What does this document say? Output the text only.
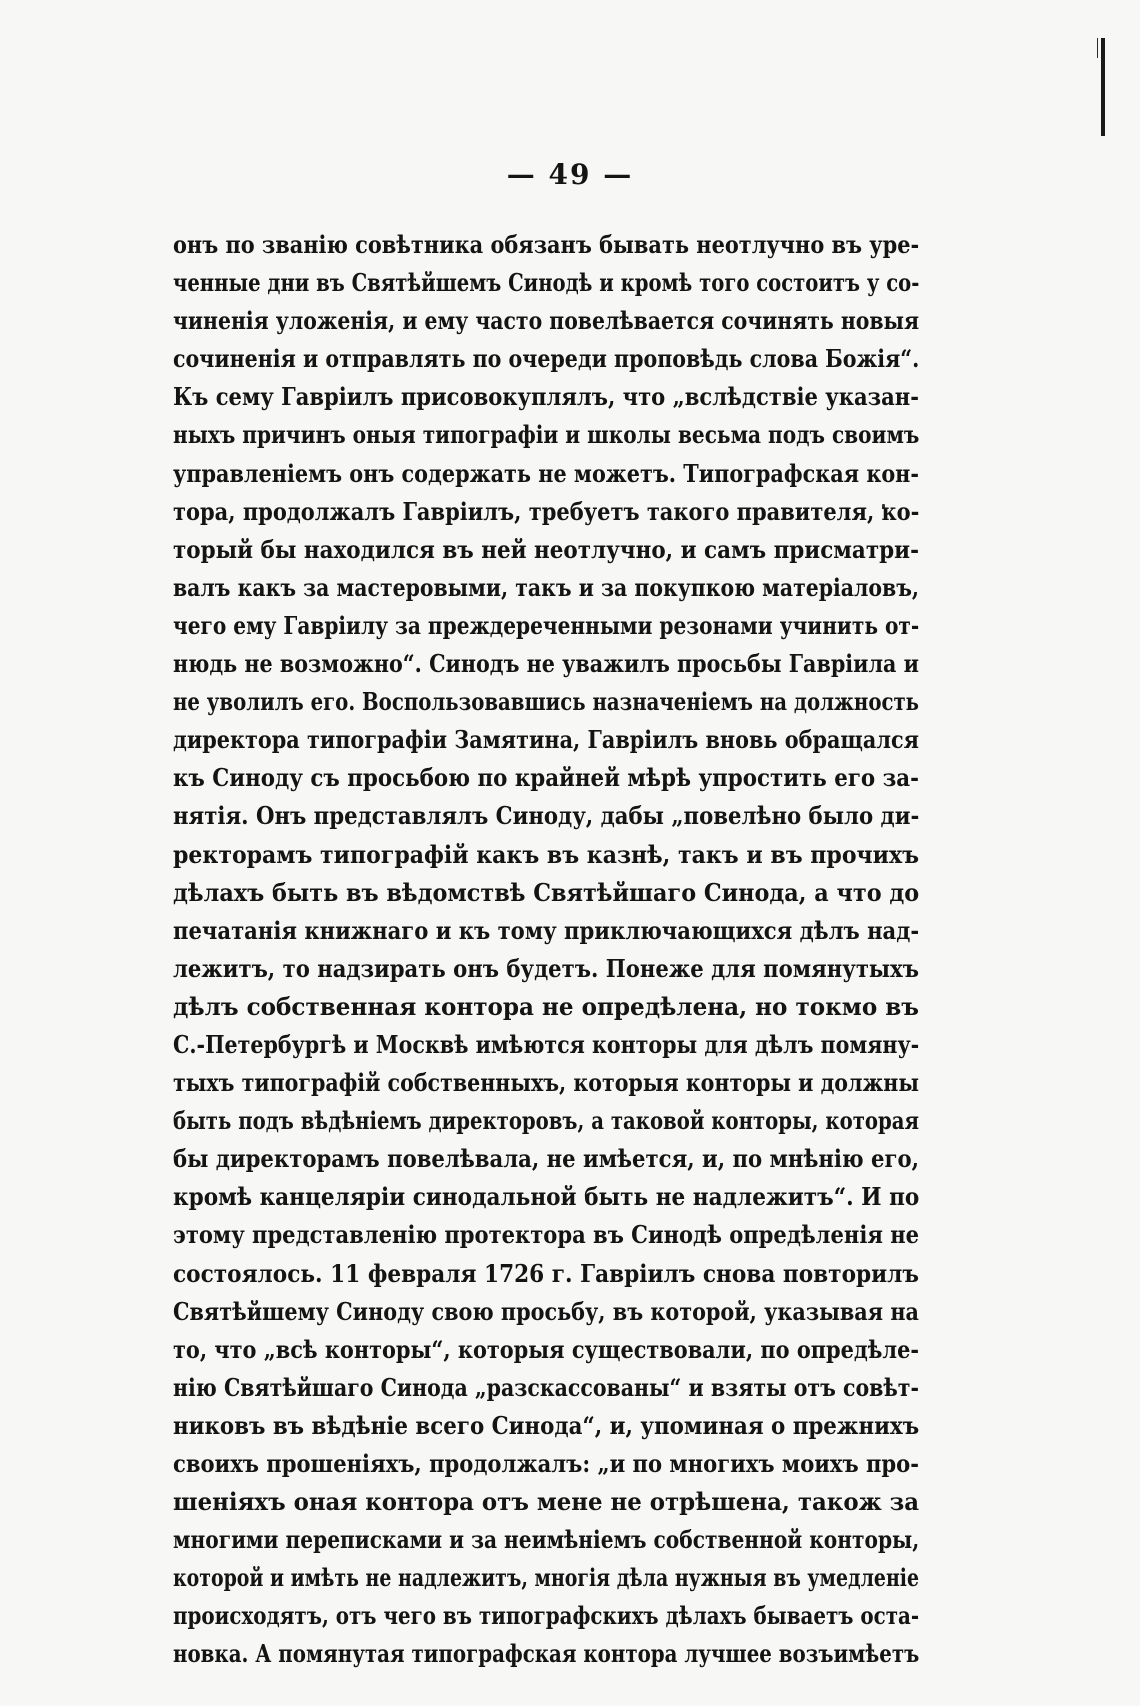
— 49 —
онъ по званію совѣтника обязанъ бывать неотлучно въ уре-
ченные дни въ Святѣйшемъ Синодѣ и кромѣ того состоитъ у со-
чиненія уложенія, и ему часто повелѣвается сочинять новыя
сочиненія и отправлять по очереди проповѣдь слова Божія“.
Къ сему Гавріилъ присовокуплялъ, что „вслѣдствіе указан-
ныхъ причинъ оныя типографіи и школы весьма подъ своимъ
управленіемъ онъ содержать не можетъ. Типографская кон-
тора, продолжалъ Гавріилъ, требуетъ такого правителя, ко-
торый бы находился въ ней неотлучно, и самъ присматри-
валъ какъ за мастеровыми, такъ и за покупкою матеріаловъ,
чего ему Гавріилу за преждереченными резонами учинить от-
нюдь не возможно“. Синодъ не уважилъ просьбы Гавріила и
не уволилъ его. Воспользовавшись назначеніемъ на должность
директора типографіи Замятина, Гавріилъ вновь обращался
къ Синоду съ просьбою по крайней мѣрѣ упростить его за-
нятія. Онъ представлялъ Синоду, дабы „повелѣно было ди-
ректорамъ типографій какъ въ казнѣ, такъ и въ прочихъ
дѣлахъ быть въ вѣдомствѣ Святѣйшаго Синода, а что до
печатанія книжнаго и къ тому приключающихся дѣлъ над-
лежитъ, то надзирать онъ будетъ. Понеже для помянутыхъ
дѣлъ собственная контора не опредѣлена, но токмо въ
С.-Петербургѣ и Москвѣ имѣются конторы для дѣлъ помяну-
тыхъ типографій собственныхъ, которыя конторы и должны
быть подъ вѣдѣніемъ директоровъ, а таковой конторы, которая
бы директорамъ повелѣвала, не имѣется, и, по мнѣнію его,
кромѣ канцеляріи синодальной быть не надлежитъ“. И по
этому представленію протектора въ Синодѣ опредѣленія не
состоялось. 11 февраля 1726 г. Гавріилъ снова повторилъ
Святѣйшему Синоду свою просьбу, въ которой, указывая на
то, что „всѣ конторы“, которыя существовали, по опредѣле-
нію Святѣйшаго Синода „разскассованы“ и взяты отъ совѣт-
никовъ въ вѣдѣніе всего Синода“, и, упоминая о прежнихъ
своихъ прошеніяхъ, продолжалъ: „и по многихъ моихъ про-
шеніяхъ оная контора отъ мене не отрѣшена, також за
многими перепискaми и за неимѣніемъ собственной конторы,
которой и имѣть не надлежитъ, многія дѣла нужныя въ умедленіе
происходятъ, отъ чего въ типографскихъ дѣлахъ бываетъ оста-
новка. А помянутая типографская контора лучшее возъимѣетъ
